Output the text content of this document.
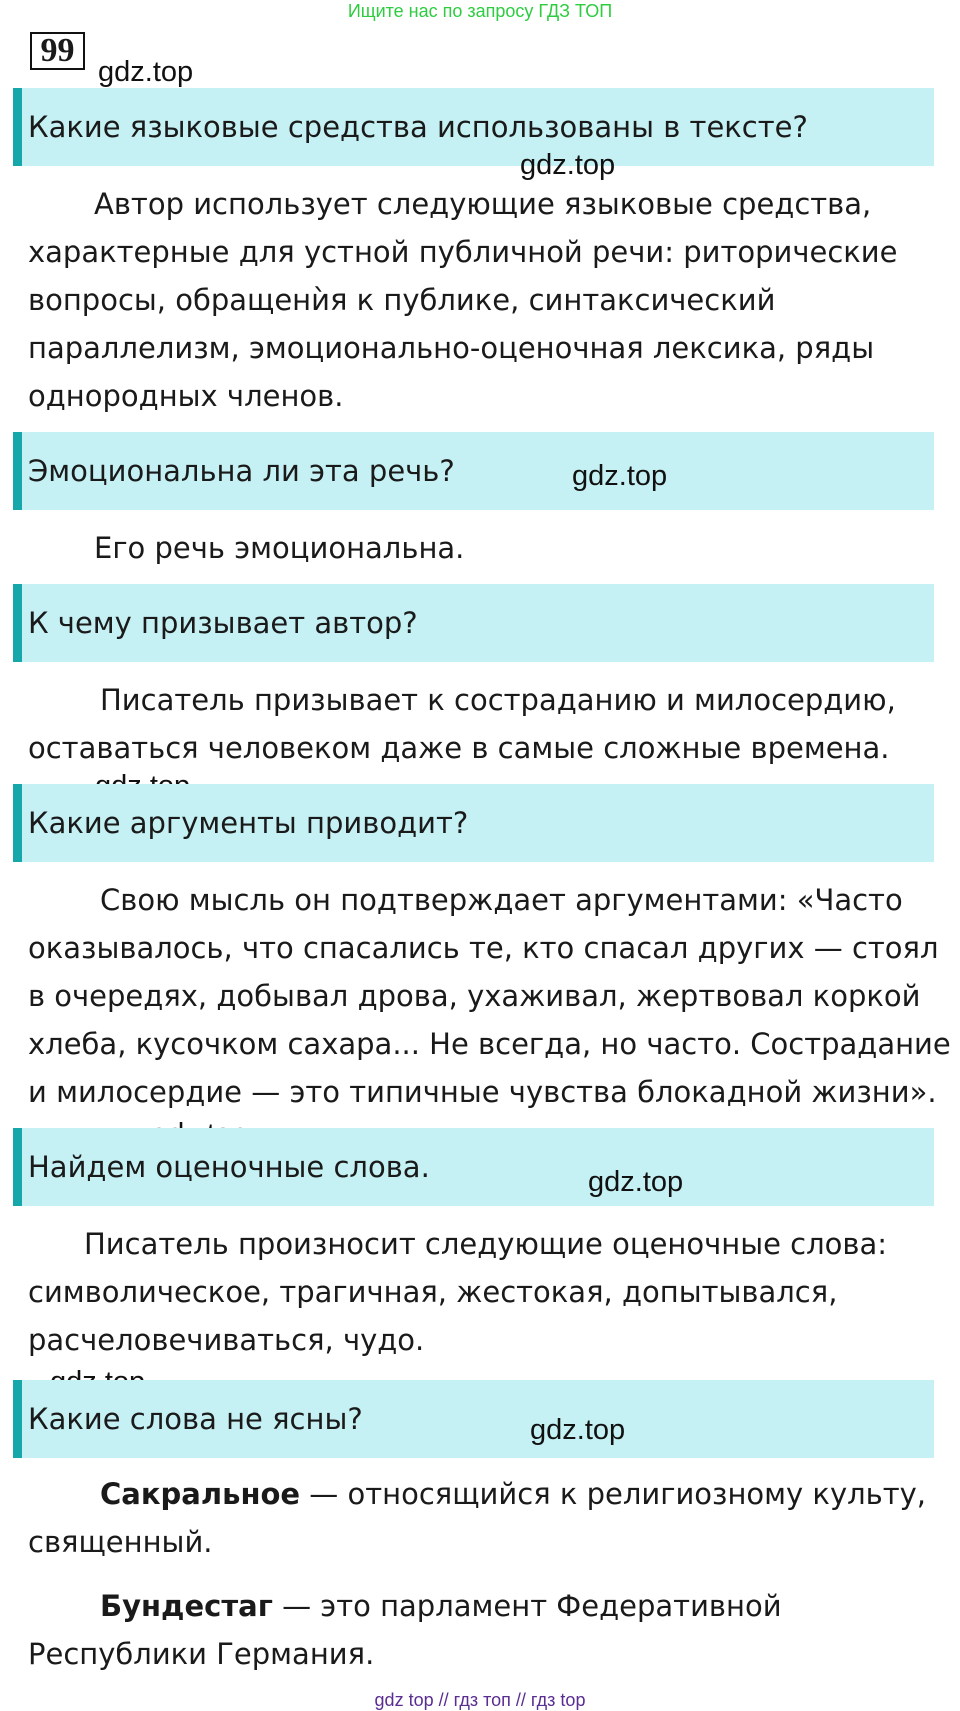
Ищите нас по запросу ГДЗ ТОП
99
gdz.top
Какие языковые средства использованы в тексте?
gdz.top
Автор использует следующие языковые средства, характерные для устной публичной речи: риторические вопросы, обращенѝя к публике, синтаксический параллелизм, эмоционально-оценочная лексика, ряды однородных членов.
Эмоциональна ли эта речь?	gdz.top
Его речь эмоциональна.
К чему призывает автор?
Писатель призывает к состраданию и милосердию, оставаться человеком даже в самые сложные времена.
Какие аргументы приводит?
Свою мысль он подтверждает аргументами: «Часто оказывалось, что спасались те, кто спасал других — стоял в очередях, добывал дрова, ухаживал, жертвовал коркой хлеба, кусочком сахара... Не всегда, но часто. Сострадание и милосердие — это типичные чувства блокадной жизни».
Найдем оценочные слова.	gdz.top
Писатель произносит следующие оценочные слова: символическое, трагичная, жестокая, допытывался, расчеловечиваться, чудо.
Какие слова не ясны?	gdz.top
Сакральное — относящийся к религиозному культу, священный.
Бундестаг — это парламент Федеративной Республики Германия.
gdz top // гдз топ // гдз top
